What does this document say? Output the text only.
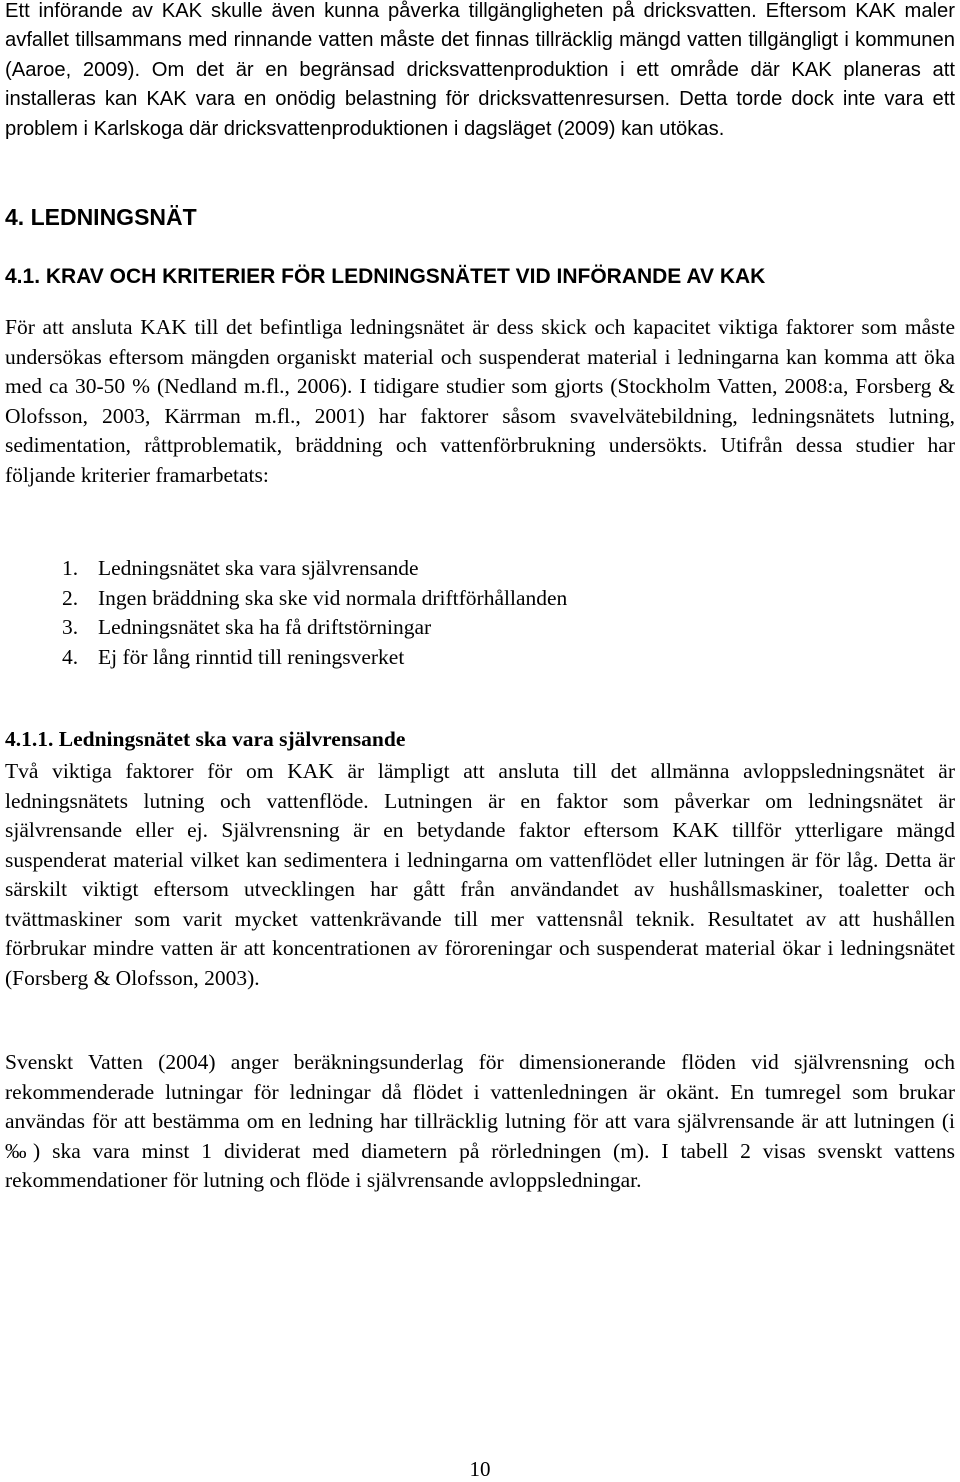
Ett införande av KAK skulle även kunna påverka tillgängligheten på dricksvatten. Eftersom KAK maler avfallet tillsammans med rinnande vatten måste det finnas tillräcklig mängd vatten tillgängligt i kommunen (Aaroe, 2009). Om det är en begränsad dricksvattenproduktion i ett område där KAK planeras att installeras kan KAK vara en onödig belastning för dricksvattenresursen. Detta torde dock inte vara ett problem i Karlskoga där dricksvattenproduktionen i dagsläget (2009) kan utökas.

4. LEDNINGSNÄT
4.1. KRAV OCH KRITERIER FÖR LEDNINGSNÄTET VID INFÖRANDE AV KAK

För att ansluta KAK till det befintliga ledningsnätet är dess skick och kapacitet viktiga faktorer som måste undersökas eftersom mängden organiskt material och suspenderat material i ledningarna kan komma att öka med ca 30-50 % (Nedland m.fl., 2006). I tidigare studier som gjorts (Stockholm Vatten, 2008:a, Forsberg & Olofsson, 2003, Kärrman m.fl., 2001) har faktorer såsom svavelvätebildning, ledningsnätets lutning, sedimentation, råttproblematik, bräddning och vattenförbrukning undersökts. Utifrån dessa studier har följande kriterier framarbetats:

1. Ledningsnätet ska vara självrensande
2. Ingen bräddning ska ske vid normala driftförhållanden
3. Ledningsnätet ska ha få driftstörningar
4. Ej för lång rinntid till reningsverket
4.1.1. Ledningsnätet ska vara självrensande

Två viktiga faktorer för om KAK är lämpligt att ansluta till det allmänna avloppsledningsnätet är ledningsnätets lutning och vattenflöde. Lutningen är en faktor som påverkar om ledningsnätet är självrensande eller ej. Självrensning är en betydande faktor eftersom KAK tillför ytterligare mängd suspenderat material vilket kan sedimentera i ledningarna om vattenflödet eller lutningen är för låg. Detta är särskilt viktigt eftersom utvecklingen har gått från användandet av hushållsmaskiner, toaletter och tvättmaskiner som varit mycket vattenkrävande till mer vattensnål teknik. Resultatet av att hushållen förbrukar mindre vatten är att koncentrationen av föroreningar och suspenderat material ökar i ledningsnätet (Forsberg & Olofsson, 2003).

Svenskt Vatten (2004) anger beräkningsunderlag för dimensionerande flöden vid självrensning och rekommenderade lutningar för ledningar då flödet i vattenledningen är okänt. En tumregel som brukar användas för att bestämma om en ledning har tillräcklig lutning för att vara självrensande är att lutningen (i ‰) ska vara minst 1 dividerat med diametern på rörledningen (m). I tabell 2 visas svenskt vattens rekommendationer för lutning och flöde i självrensande avloppsledningar.

10
